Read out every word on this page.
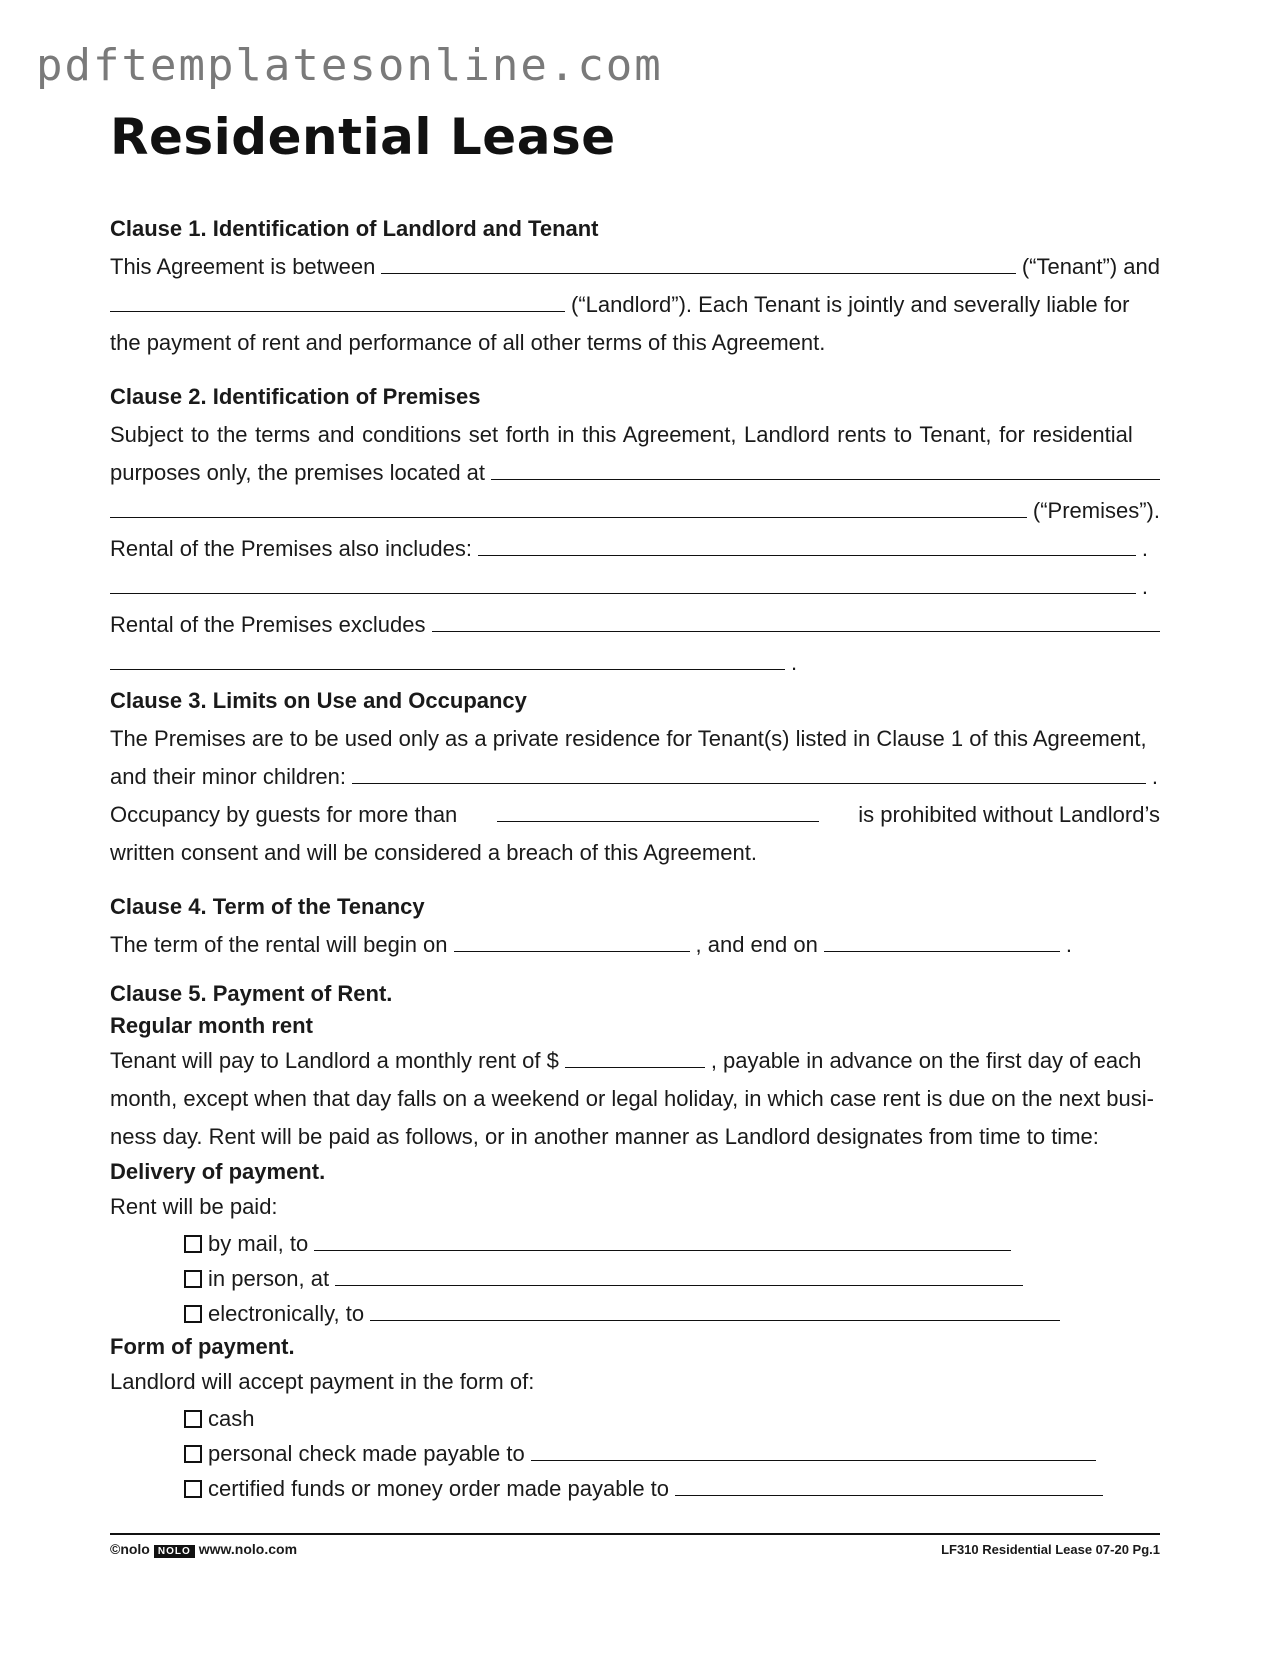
pdftemplatesonline.com
Residential Lease
Clause 1. Identification of Landlord and Tenant
This Agreement is between	(“Tenant”) and
(“Landlord”). Each Tenant is jointly and severally liable for
the payment of rent and performance of all other terms of this Agreement.
Clause 2. Identification of Premises
Subject to the terms and conditions set forth in this Agreement, Landlord rents to Tenant, for residential
purposes only, the premises located at
(“Premises”).
Rental of the Premises also includes:	.
.
Rental of the Premises excludes
.
Clause 3. Limits on Use and Occupancy
The Premises are to be used only as a private residence for Tenant(s) listed in Clause 1 of this Agreement,
and their minor children:	.
Occupancy by guests for more than	is prohibited without Landlord’s
written consent and will be considered a breach of this Agreement.
Clause 4. Term of the Tenancy
The term of the rental will begin on	, and end on	.
Clause 5. Payment of Rent.
Regular month rent
Tenant will pay to Landlord a monthly rent of $	, payable in advance on the first day of each
month, except when that day falls on a weekend or legal holiday, in which case rent is due on the next busi-
ness day. Rent will be paid as follows, or in another manner as Landlord designates from time to time:
Delivery of payment.
Rent will be paid:
by mail, to
in person, at
electronically, to
Form of payment.
Landlord will accept payment in the form of:
cash
personal check made payable to
certified funds or money order made payable to
©nolo NOLO www.nolo.com	LF310 Residential Lease 07-20 Pg.1
